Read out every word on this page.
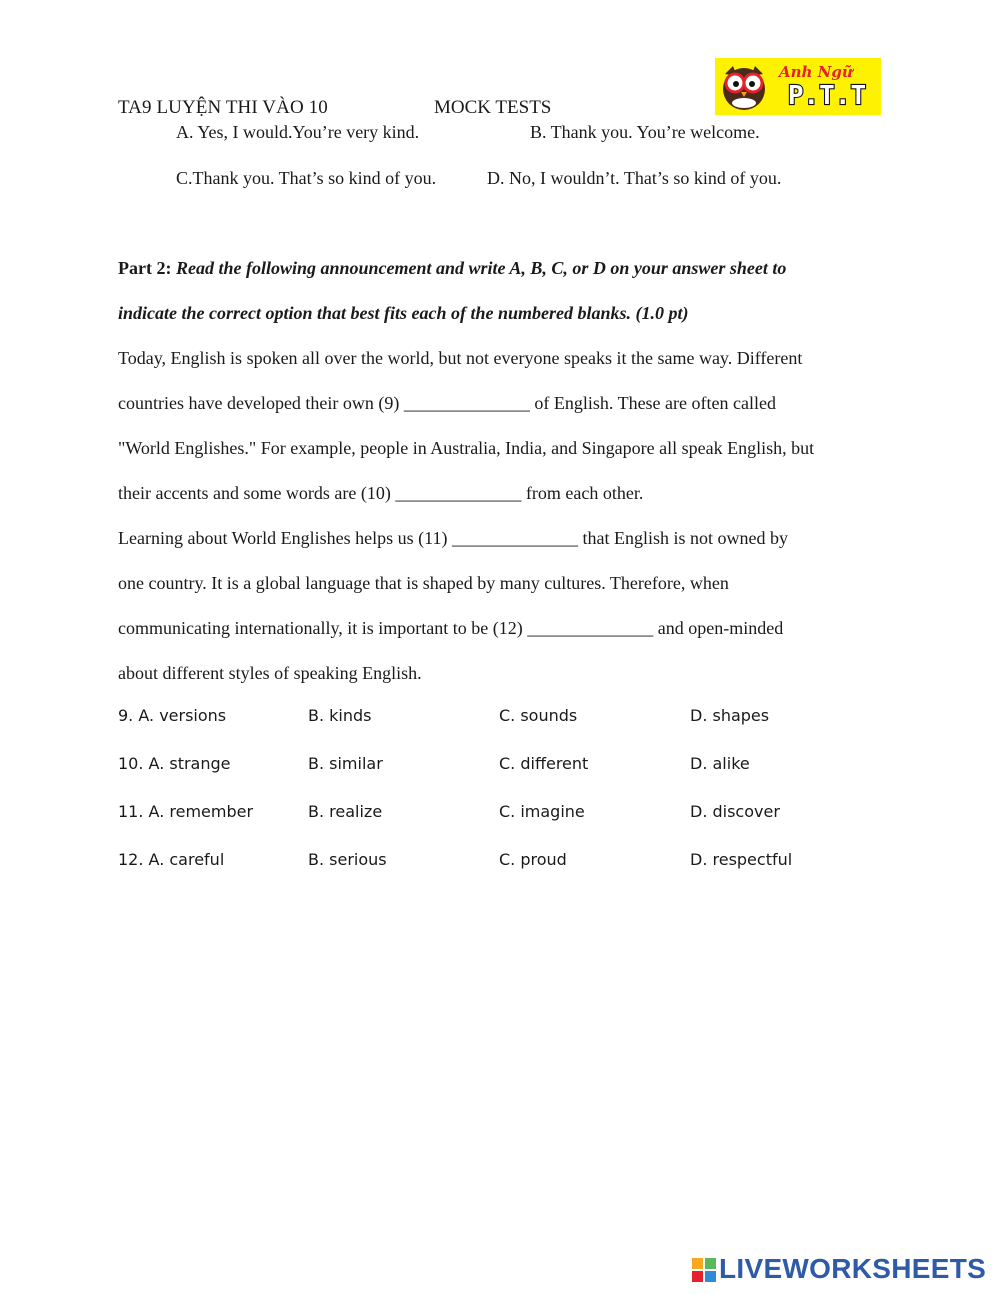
TA9 LUYỆN THI VÀO 10	MOCK TESTS
Anh Ngữ
P.T.T
A. Yes, I would.You’re very kind.	B. Thank you. You’re welcome.
C.Thank you. That’s so kind of you.	D. No, I wouldn’t. That’s so kind of you.
Part 2: Read the following announcement and write A, B, C, or D on your answer sheet to
indicate the correct option that best fits each of the numbered blanks. (1.0 pt)
Today, English is spoken all over the world, but not everyone speaks it the same way. Different
countries have developed their own (9) ______________ of English. These are often called
"World Englishes." For example, people in Australia, India, and Singapore all speak English, but
their accents and some words are (10) ______________ from each other.
Learning about World Englishes helps us (11) ______________ that English is not owned by
one country. It is a global language that is shaped by many cultures. Therefore, when
communicating internationally, it is important to be (12) ______________ and open-minded
about different styles of speaking English.
9. A. versions	B. kinds	C. sounds	D. shapes
10. A. strange	B. similar	C. different	D. alike
11. A. remember	B. realize	C. imagine	D. discover
12. A. careful	B. serious	C. proud	D. respectful
LIVEWORKSHEETS
